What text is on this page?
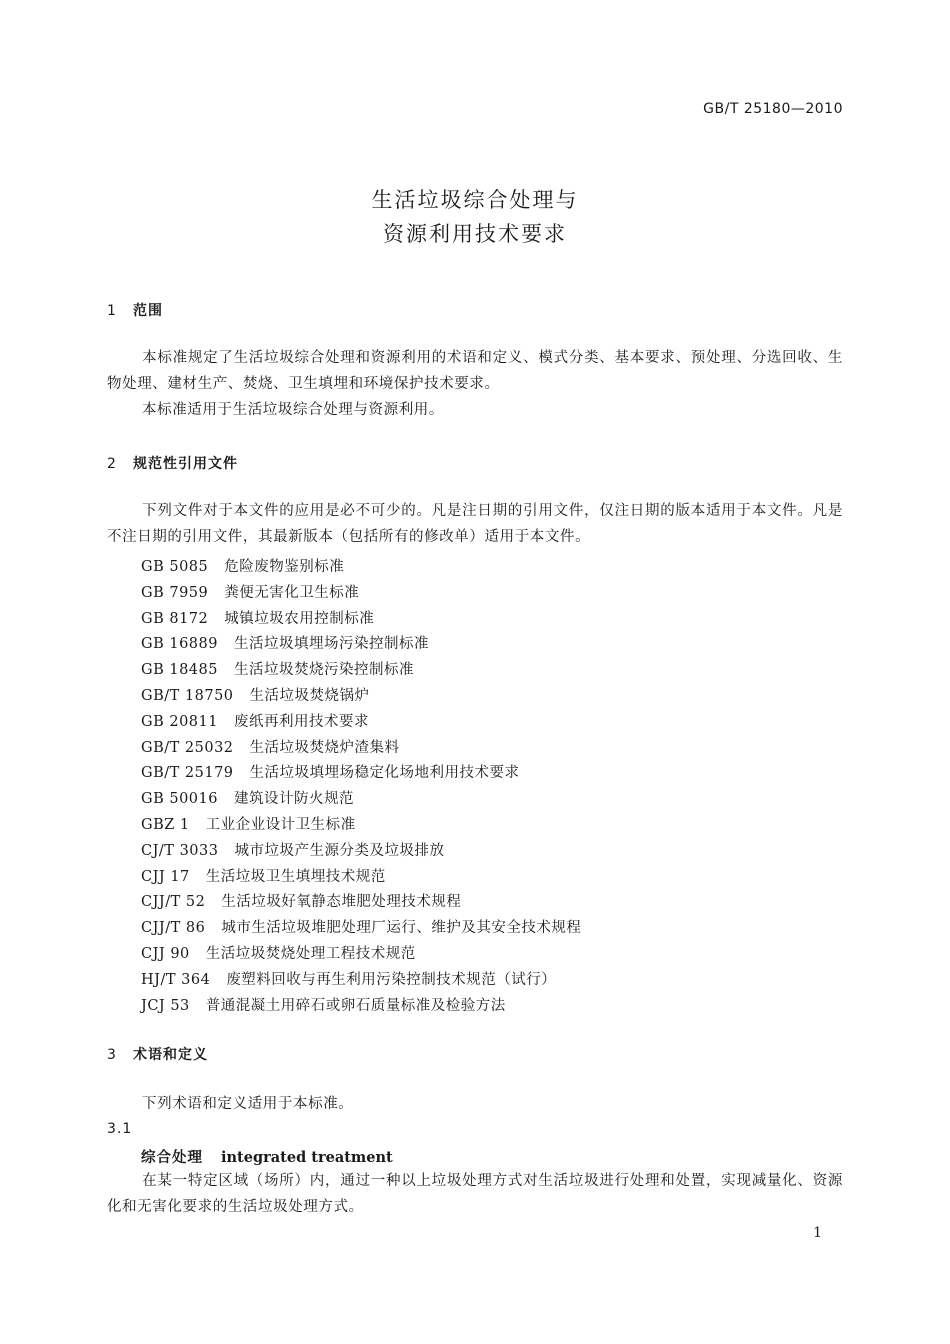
GB/T 25180—2010
生活垃圾综合处理与
资源利用技术要求
1 范围
本标准规定了生活垃圾综合处理和资源利用的术语和定义、模式分类、基本要求、预处理、分选回收、生物处理、建材生产、焚烧、卫生填埋和环境保护技术要求。
本标准适用于生活垃圾综合处理与资源利用。
2 规范性引用文件
下列文件对于本文件的应用是必不可少的。凡是注日期的引用文件，仅注日期的版本适用于本文件。凡是不注日期的引用文件，其最新版本（包括所有的修改单）适用于本文件。
GB 5085 危险废物鉴别标准
GB 7959 粪便无害化卫生标准
GB 8172 城镇垃圾农用控制标准
GB 16889 生活垃圾填埋场污染控制标准
GB 18485 生活垃圾焚烧污染控制标准
GB/T 18750 生活垃圾焚烧锅炉
GB 20811 废纸再利用技术要求
GB/T 25032 生活垃圾焚烧炉渣集料
GB/T 25179 生活垃圾填埋场稳定化场地利用技术要求
GB 50016 建筑设计防火规范
GBZ 1 工业企业设计卫生标准
CJ/T 3033 城市垃圾产生源分类及垃圾排放
CJJ 17 生活垃圾卫生填埋技术规范
CJJ/T 52 生活垃圾好氧静态堆肥处理技术规程
CJJ/T 86 城市生活垃圾堆肥处理厂运行、维护及其安全技术规程
CJJ 90 生活垃圾焚烧处理工程技术规范
HJ/T 364 废塑料回收与再生利用污染控制技术规范（试行）
JCJ 53 普通混凝土用碎石或卵石质量标准及检验方法
3 术语和定义
下列术语和定义适用于本标准。
3.1
综合处理 integrated treatment
在某一特定区域（场所）内，通过一种以上垃圾处理方式对生活垃圾进行处理和处置，实现减量化、资源化和无害化要求的生活垃圾处理方式。
1
